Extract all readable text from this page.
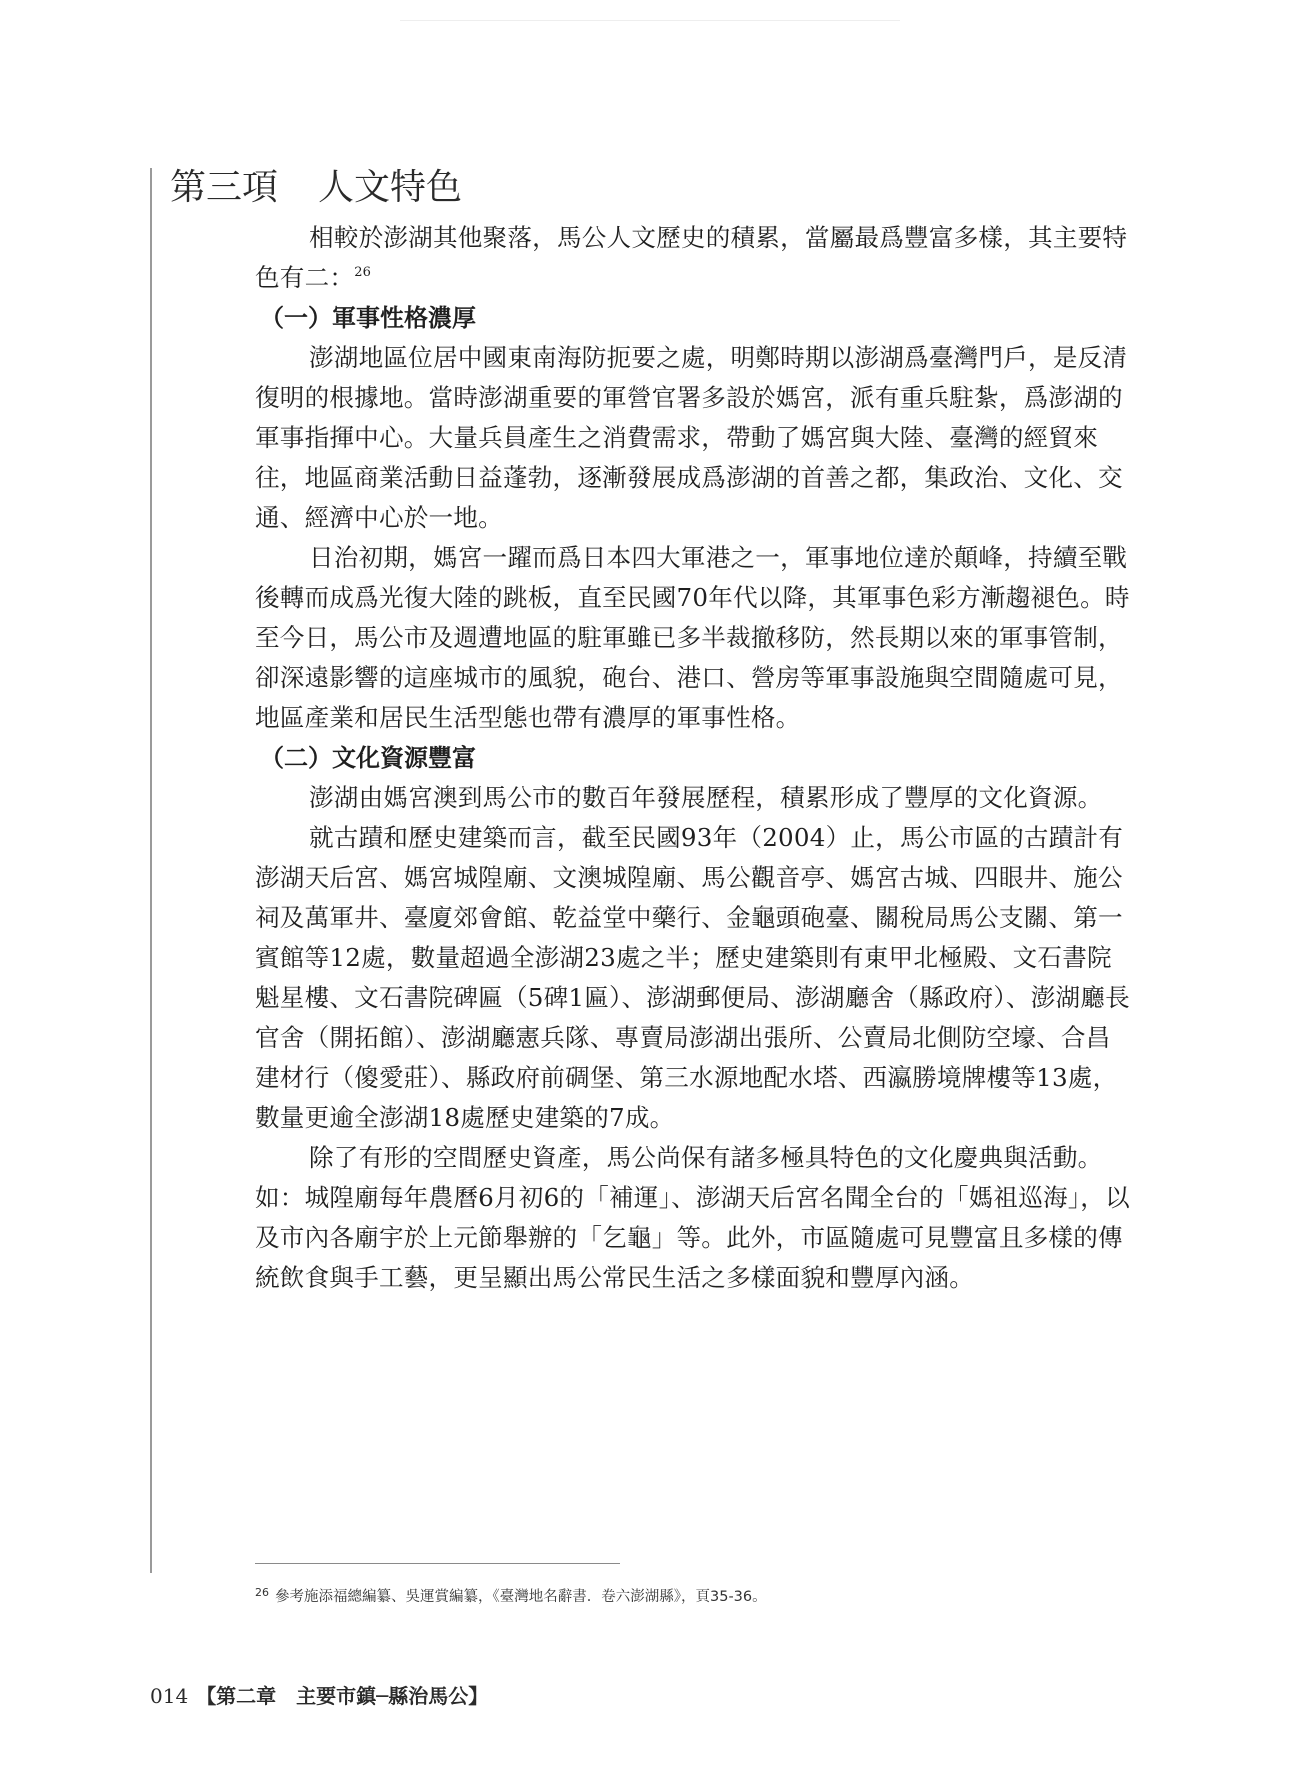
第三項 人文特色

相較於澎湖其他聚落，馬公人文歷史的積累，當屬最爲豐富多樣，其主要特色有二：$^{26}$

（一）軍事性格濃厚

澎湖地區位居中國東南海防扼要之處，明鄭時期以澎湖爲臺灣門戶，是反清復明的根據地。當時澎湖重要的軍營官署多設於媽宮，派有重兵駐紮，爲澎湖的軍事指揮中心。大量兵員產生之消費需求，帶動了媽宮與大陸、臺灣的經貿來往，地區商業活動日益蓬勃，逐漸發展成爲澎湖的首善之都，集政治、文化、交通、經濟中心於一地。

日治初期，媽宮一躍而爲日本四大軍港之一，軍事地位達於顛峰，持續至戰後轉而成爲光復大陸的跳板，直至民國70年代以降，其軍事色彩方漸趨褪色。時至今日，馬公市及週遭地區的駐軍雖已多半裁撤移防，然長期以來的軍事管制，卻深遠影響的這座城市的風貌，砲台、港口、營房等軍事設施與空間隨處可見，地區產業和居民生活型態也帶有濃厚的軍事性格。

（二）文化資源豐富

澎湖由媽宮澳到馬公市的數百年發展歷程，積累形成了豐厚的文化資源。

就古蹟和歷史建築而言，截至民國93年（2004）止，馬公市區的古蹟計有澎湖天后宮、媽宮城隍廟、文澳城隍廟、馬公觀音亭、媽宮古城、四眼井、施公祠及萬軍井、臺廈郊會館、乾益堂中藥行、金龜頭砲臺、關稅局馬公支關、第一賓館等12處，數量超過全澎湖23處之半；歷史建築則有東甲北極殿、文石書院魁星樓、文石書院碑匾（5碑1匾）、澎湖郵便局、澎湖廳舍（縣政府）、澎湖廳長官舍（開拓館）、澎湖廳憲兵隊、專賣局澎湖出張所、公賣局北側防空壕、合昌建材行（傻愛莊）、縣政府前碉堡、第三水源地配水塔、西瀛勝境牌樓等13處，數量更逾全澎湖18處歷史建築的7成。

除了有形的空間歷史資產，馬公尚保有諸多極具特色的文化慶典與活動。如：城隍廟每年農曆6月初6的「補運」、澎湖天后宮名聞全台的「媽祖巡海」，以及市內各廟宇於上元節舉辦的「乞龜」等。此外，市區隨處可見豐富且多樣的傳統飲食與手工藝，更呈顯出馬公常民生活之多樣面貌和豐厚內涵。

$^{26}$ 參考施添福總編纂、吳運賞編纂，《臺灣地名辭書．卷六澎湖縣》，頁35-36。
014 【第二章　主要市鎮─縣治馬公】
